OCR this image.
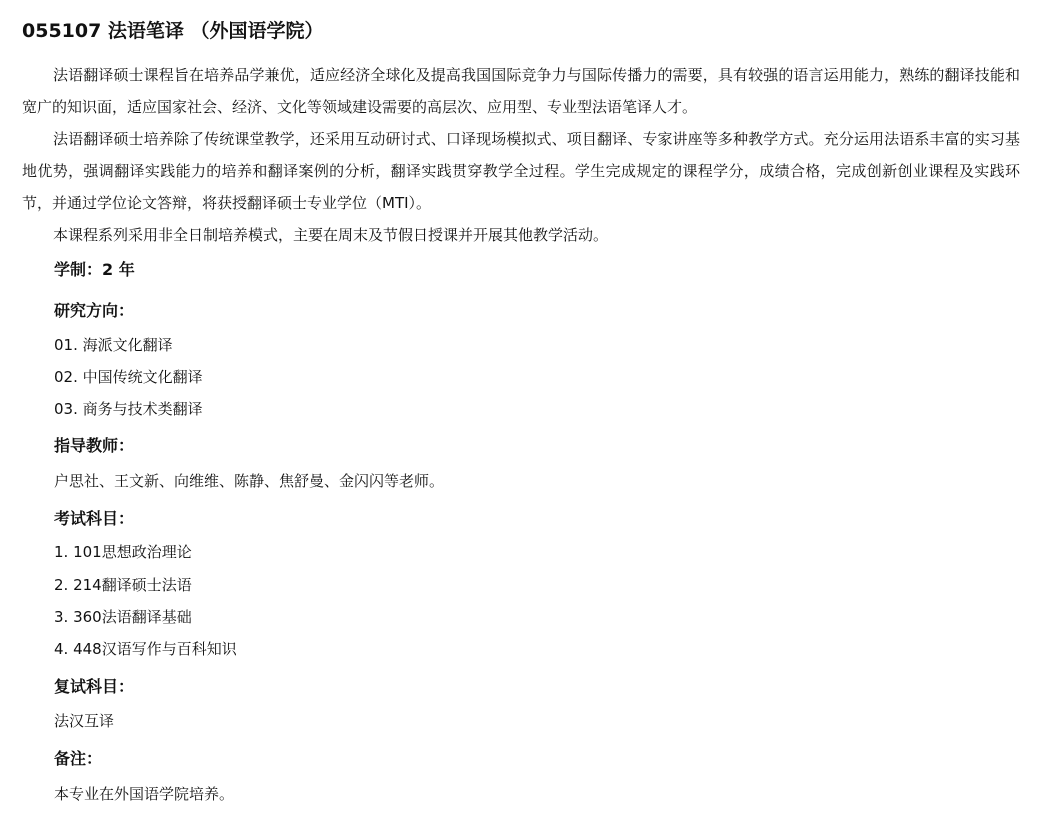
055107 法语笔译 （外国语学院）

法语翻译硕士课程旨在培养品学兼优，适应经济全球化及提高我国国际竞争力与国际传播力的需要，具有较强的语言运用能力，熟练的翻译技能和宽广的知识面，适应国家社会、经济、文化等领域建设需要的高层次、应用型、专业型法语笔译人才。

法语翻译硕士培养除了传统课堂教学，还采用互动研讨式、口译现场模拟式、项目翻译、专家讲座等多种教学方式。充分运用法语系丰富的实习基地优势，强调翻译实践能力的培养和翻译案例的分析，翻译实践贯穿教学全过程。学生完成规定的课程学分，成绩合格，完成创新创业课程及实践环节，并通过学位论文答辩，将获授翻译硕士专业学位（MTI）。

本课程系列采用非全日制培养模式，主要在周末及节假日授课并开展其他教学活动。

学制：2 年
研究方向：
01. 海派文化翻译
02. 中国传统文化翻译
03. 商务与技术类翻译
指导教师：
户思社、王文新、向维维、陈静、焦舒曼、金闪闪等老师。
考试科目：
1. 101思想政治理论
2. 214翻译硕士法语
3. 360法语翻译基础
4. 448汉语写作与百科知识
复试科目：
法汉互译
备注：
本专业在外国语学院培养。
